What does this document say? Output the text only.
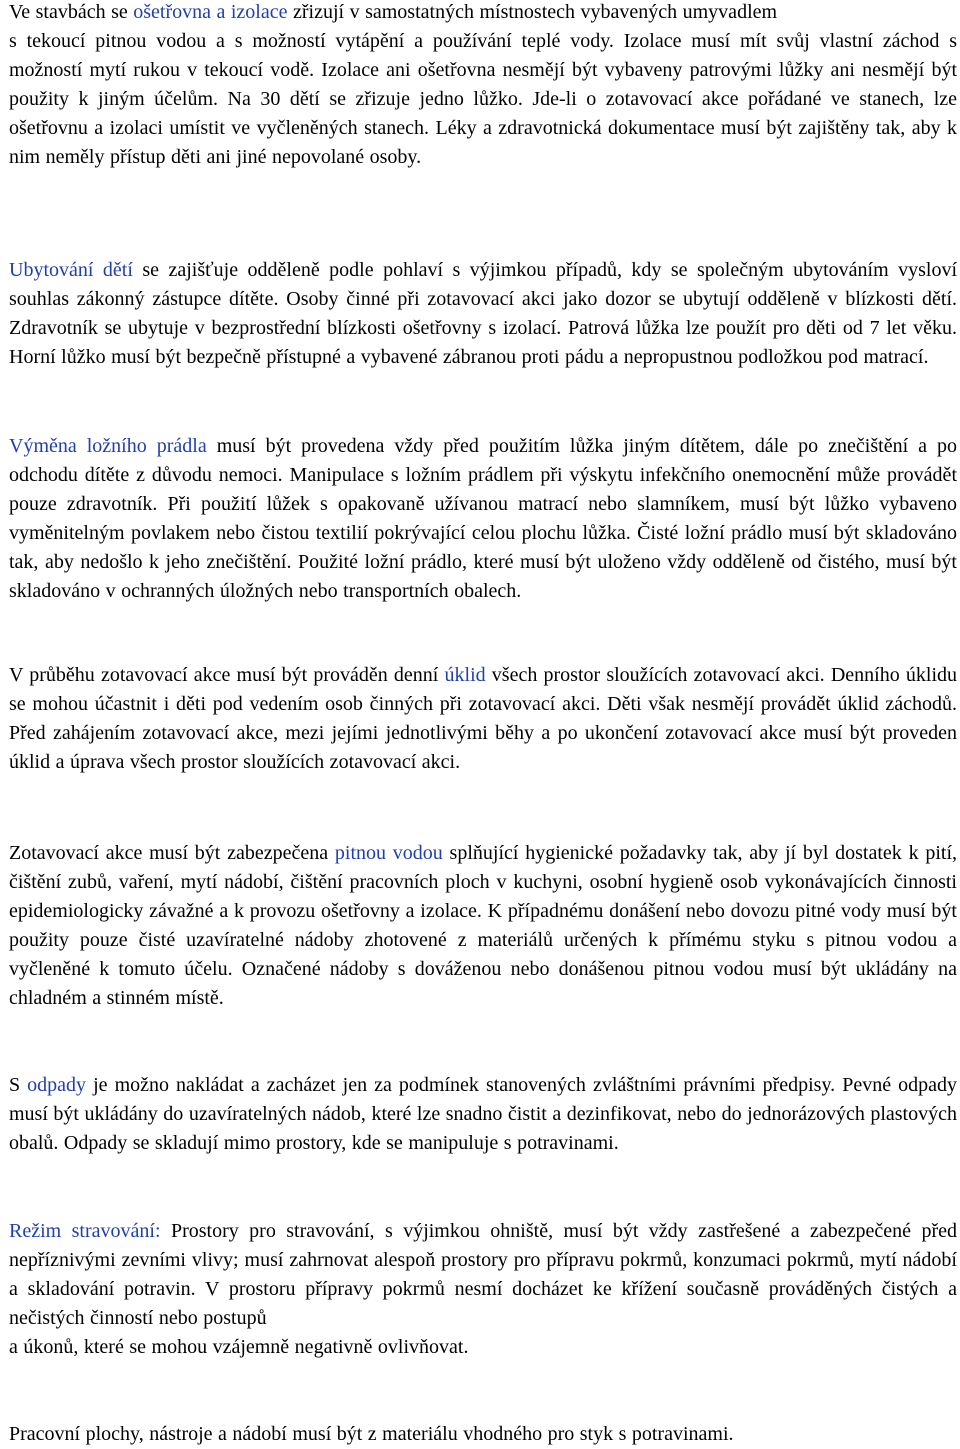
Ve stavbách se ošetřovna a izolace zřizují v samostatných místnostech vybavených umyvadlem
s tekoucí pitnou vodou a s možností vytápění a používání teplé vody. Izolace musí mít svůj vlastní záchod s možností mytí rukou v tekoucí vodě. Izolace ani ošetřovna nesmějí být vybaveny patrovými lůžky ani nesmějí být použity k jiným účelům. Na 30 dětí se zřizuje jedno lůžko. Jde-li o zotavovací akce pořádané ve stanech, lze ošetřovnu a izolaci umístit ve vyčleněných stanech. Léky a zdravotnická dokumentace musí být zajištěny tak, aby k nim neměly přístup děti ani jiné nepovolané osoby.

Ubytování dětí se zajišťuje odděleně podle pohlaví s výjimkou případů, kdy se společným ubytováním vysloví souhlas zákonný zástupce dítěte. Osoby činné při zotavovací akci jako dozor se ubytují odděleně v blízkosti dětí. Zdravotník se ubytuje v bezprostřední blízkosti ošetřovny s izolací. Patrová lůžka lze použít pro děti od 7 let věku. Horní lůžko musí být bezpečně přístupné a vybavené zábranou proti pádu a nepropustnou podložkou pod matrací.

Výměna ložního prádla musí být provedena vždy před použitím lůžka jiným dítětem, dále po znečištění a po odchodu dítěte z důvodu nemoci. Manipulace s ložním prádlem při výskytu infekčního onemocnění může provádět pouze zdravotník. Při použití lůžek s opakovaně užívanou matrací nebo slamníkem, musí být lůžko vybaveno vyměnitelným povlakem nebo čistou textilií pokrývající celou plochu lůžka. Čisté ložní prádlo musí být skladováno tak, aby nedošlo k jeho znečištění. Použité ložní prádlo, které musí být uloženo vždy odděleně od čistého, musí být skladováno v ochranných úložných nebo transportních obalech.

V průběhu zotavovací akce musí být prováděn denní úklid všech prostor sloužících zotavovací akci. Denního úklidu se mohou účastnit i děti pod vedením osob činných při zotavovací akci. Děti však nesmějí provádět úklid záchodů. Před zahájením zotavovací akce, mezi jejími jednotlivými běhy a po ukončení zotavovací akce musí být proveden úklid a úprava všech prostor sloužících zotavovací akci.

Zotavovací akce musí být zabezpečena pitnou vodou splňující hygienické požadavky tak, aby jí byl dostatek k pití, čištění zubů, vaření, mytí nádobí, čištění pracovních ploch v kuchyni, osobní hygieně osob vykonávajících činnosti epidemiologicky závažné a k provozu ošetřovny a izolace. K případnému donášení nebo dovozu pitné vody musí být použity pouze čisté uzavíratelné nádoby zhotovené z materiálů určených k přímému styku s pitnou vodou a vyčleněné k tomuto účelu. Označené nádoby s dováženou nebo donášenou pitnou vodou musí být ukládány na chladném a stinném místě.

S odpady je možno nakládat a zacházet jen za podmínek stanovených zvláštními právními předpisy. Pevné odpady musí být ukládány do uzavíratelných nádob, které lze snadno čistit a dezinfikovat, nebo do jednorázových plastových obalů. Odpady se skladují mimo prostory, kde se manipuluje s potravinami.

Režim stravování: Prostory pro stravování, s výjimkou ohniště, musí být vždy zastřešené a zabezpečené před nepříznivými zevními vlivy; musí zahrnovat alespoň prostory pro přípravu pokrmů, konzumaci pokrmů, mytí nádobí a skladování potravin. V prostoru přípravy pokrmů nesmí docházet ke křížení současně prováděných čistých a nečistých činností nebo postupů
a úkonů, které se mohou vzájemně negativně ovlivňovat.

Pracovní plochy, nástroje a nádobí musí být z materiálu vhodného pro styk s potravinami.
